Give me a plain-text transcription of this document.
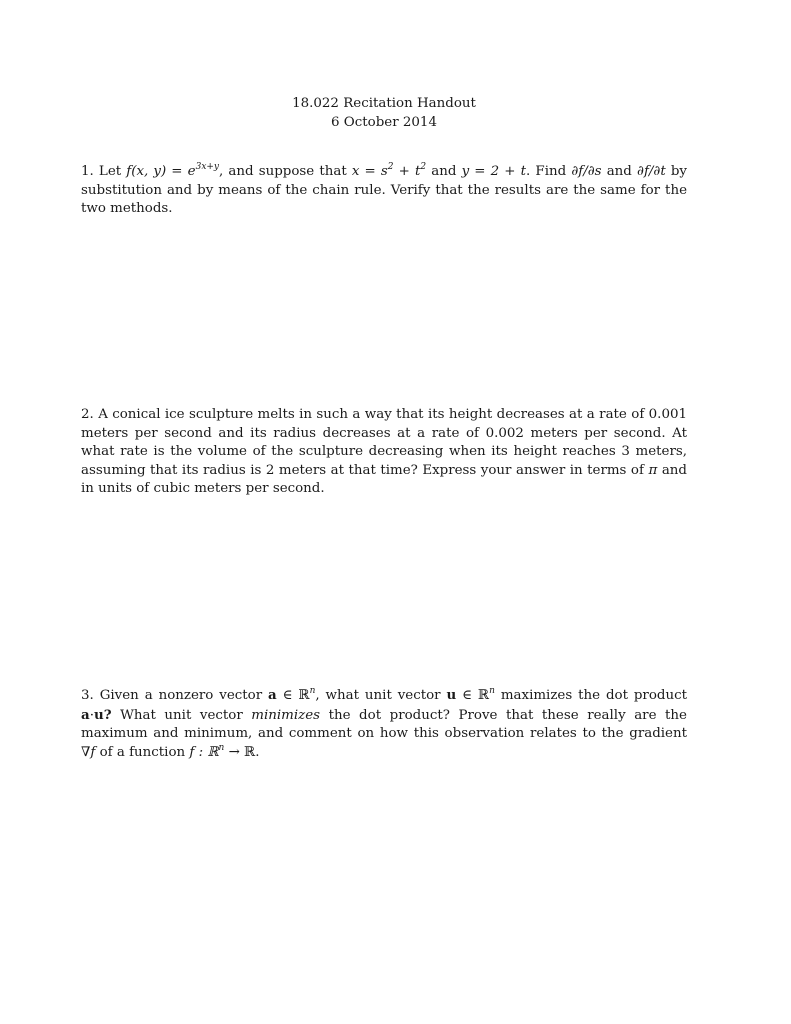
18.022 Recitation Handout
6 October 2014
1. Let f(x, $y) = e^{3x+y}$, and suppose that $x = s^2 + t^2$ and y = 2 + t. Find ∂f/∂s and ∂f/∂t by substitution and by means of the chain rule. Verify that the results are the same for the two methods.
2. A conical ice sculpture melts in such a way that its height decreases at a rate of 0.001 meters per second and its radius decreases at a rate of 0.002 meters per second. At what rate is the volume of the sculpture decreasing when its height reaches 3 meters, assuming that its radius is 2 meters at that time? Express your answer in terms of π and in units of cubic meters per second.
3. Given a nonzero vector a ∈ ℝ$^n$, what unit vector u ∈ ℝ$^n$ maximizes the dot product a·u? What unit vector minimizes the dot product? Prove that these really are the maximum and minimum, and comment on how this observation relates to the gradient ∇f of a function f : ℝ$^n$ → ℝ.
